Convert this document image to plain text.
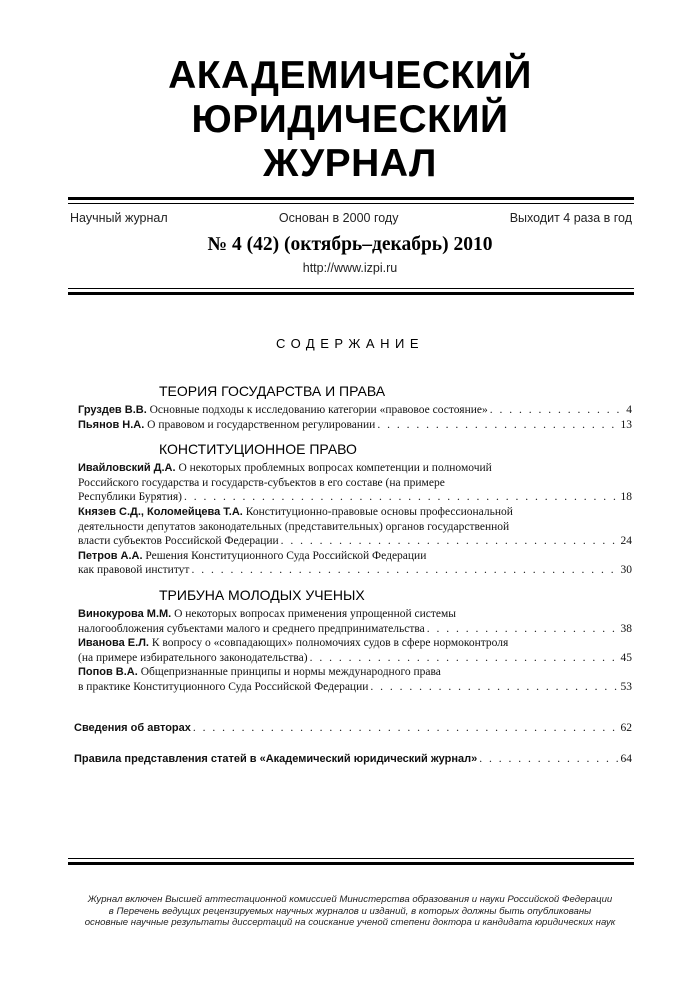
АКАДЕМИЧЕСКИЙ
ЮРИДИЧЕСКИЙ
ЖУРНАЛ
Научный журнал	Основан в 2000 году	Выходит 4 раза в год
№ 4 (42) (октябрь–декабрь) 2010
http://www.izpi.ru
СОДЕРЖАНИЕ
ТЕОРИЯ ГОСУДАРСТВА И ПРАВА
Груздев В.В. Основные подходы к исследованию категории «правовое состояние» . . .	4
Пьянов Н.А. О правовом и государственном регулировании . . .	13
КОНСТИТУЦИОННОЕ ПРАВО
Ивайловский Д.А. О некоторых проблемных вопросах компетенции и полномочий
Российского государства и государств-субъектов в его составе (на примере
Республики Бурятия) . . .	18
Князев С.Д., Коломейцева Т.А. Конституционно-правовые основы профессиональной
деятельности депутатов законодательных (представительных) органов государственной
власти субъектов Российской Федерации . . .	24
Петров А.А. Решения Конституционного Суда Российской Федерации
как правовой институт . . .	30
ТРИБУНА МОЛОДЫХ УЧЕНЫХ
Винокурова М.М. О некоторых вопросах применения упрощенной системы
налогообложения субъектами малого и среднего предпринимательства . . .	38
Иванова Е.Л. К вопросу о «совпадающих» полномочиях судов в сфере нормоконтроля
(на примере избирательного законодательства) . . .	45
Попов В.А. Общепризнанные принципы и нормы международного права
в практике Конституционного Суда Российской Федерации . . .	53
Сведения об авторах . . .	62
Правила представления статей в «Академический юридический журнал» . . .	64
Журнал включен Высшей аттестационной комиссией Министерства образования и науки Российской Федерации
в Перечень ведущих рецензируемых научных журналов и изданий, в которых должны быть опубликованы
основные научные результаты диссертаций на соискание ученой степени доктора и кандидата юридических наук
